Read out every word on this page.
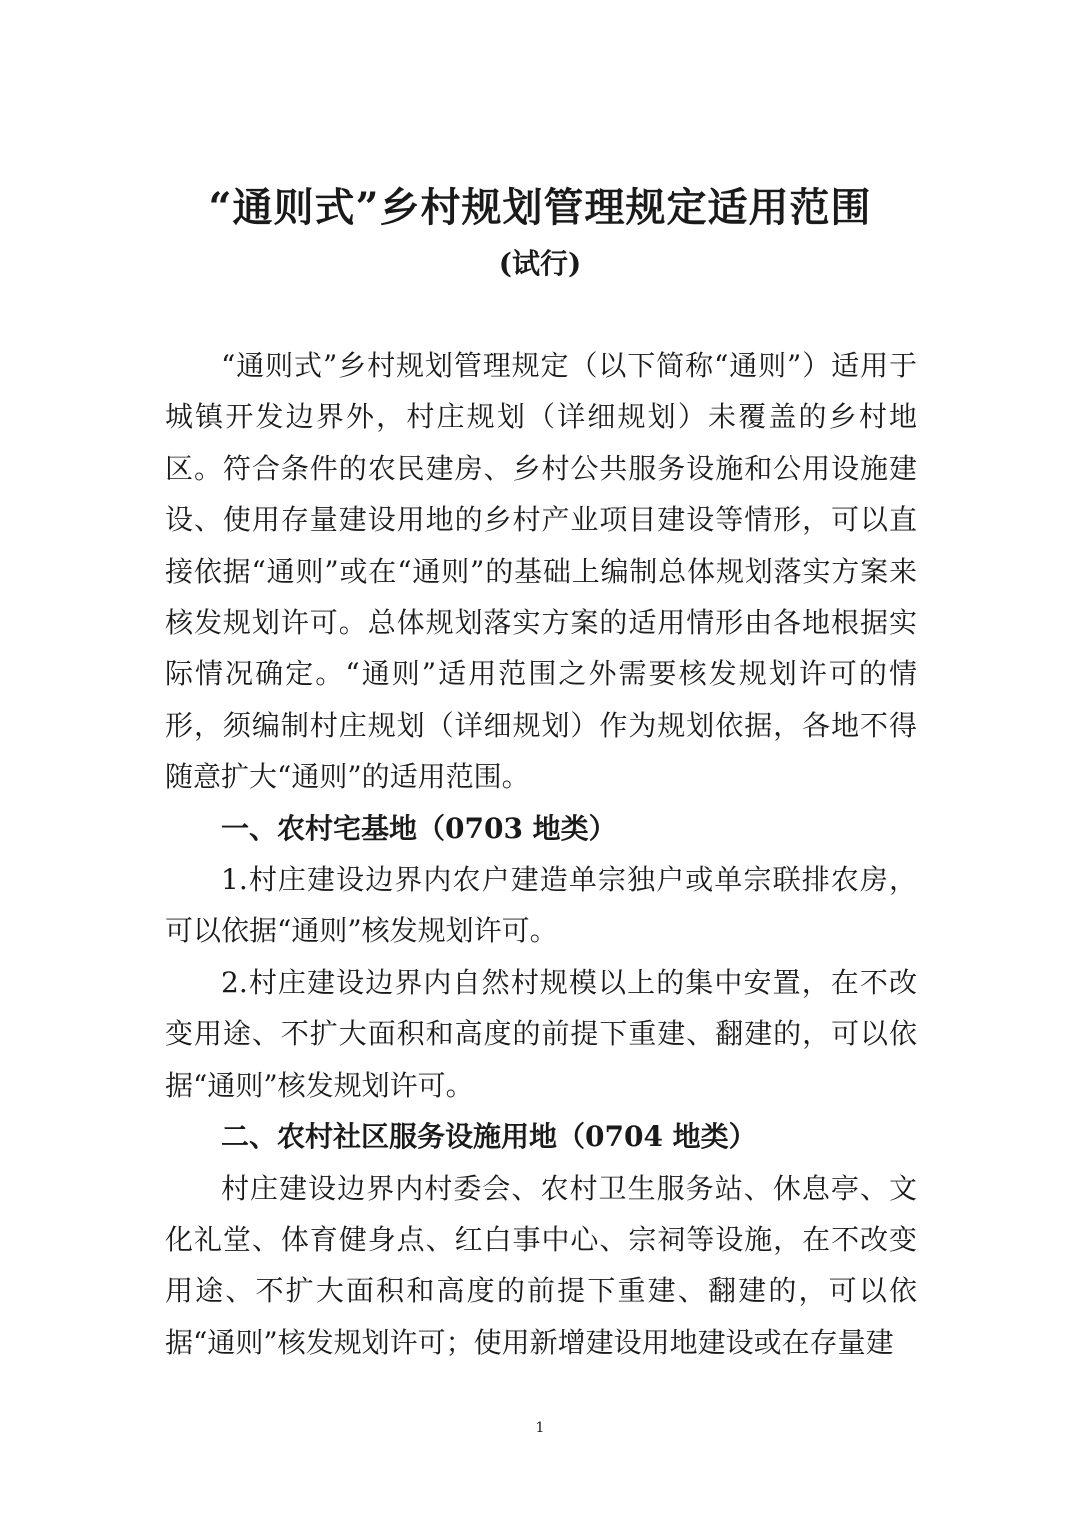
“通则式”乡村规划管理规定适用范围
(试行)

“通则式”乡村规划管理规定（以下简称“通则”）适用于城镇开发边界外，村庄规划（详细规划）未覆盖的乡村地区。符合条件的农民建房、乡村公共服务设施和公用设施建设、使用存量建设用地的乡村产业项目建设等情形，可以直接依据“通则”或在“通则”的基础上编制总体规划落实方案来核发规划许可。总体规划落实方案的适用情形由各地根据实际情况确定。“通则”适用范围之外需要核发规划许可的情形，须编制村庄规划（详细规划）作为规划依据，各地不得随意扩大“通则”的适用范围。

一、农村宅基地（0703 地类）

1.村庄建设边界内农户建造单宗独户或单宗联排农房，可以依据“通则”核发规划许可。

2.村庄建设边界内自然村规模以上的集中安置，在不改变用途、不扩大面积和高度的前提下重建、翻建的，可以依据“通则”核发规划许可。

二、农村社区服务设施用地（0704 地类）

村庄建设边界内村委会、农村卫生服务站、休息亭、文化礼堂、体育健身点、红白事中心、宗祠等设施，在不改变用途、不扩大面积和高度的前提下重建、翻建的，可以依据“通则”核发规划许可；使用新增建设用地建设或在存量建

1
